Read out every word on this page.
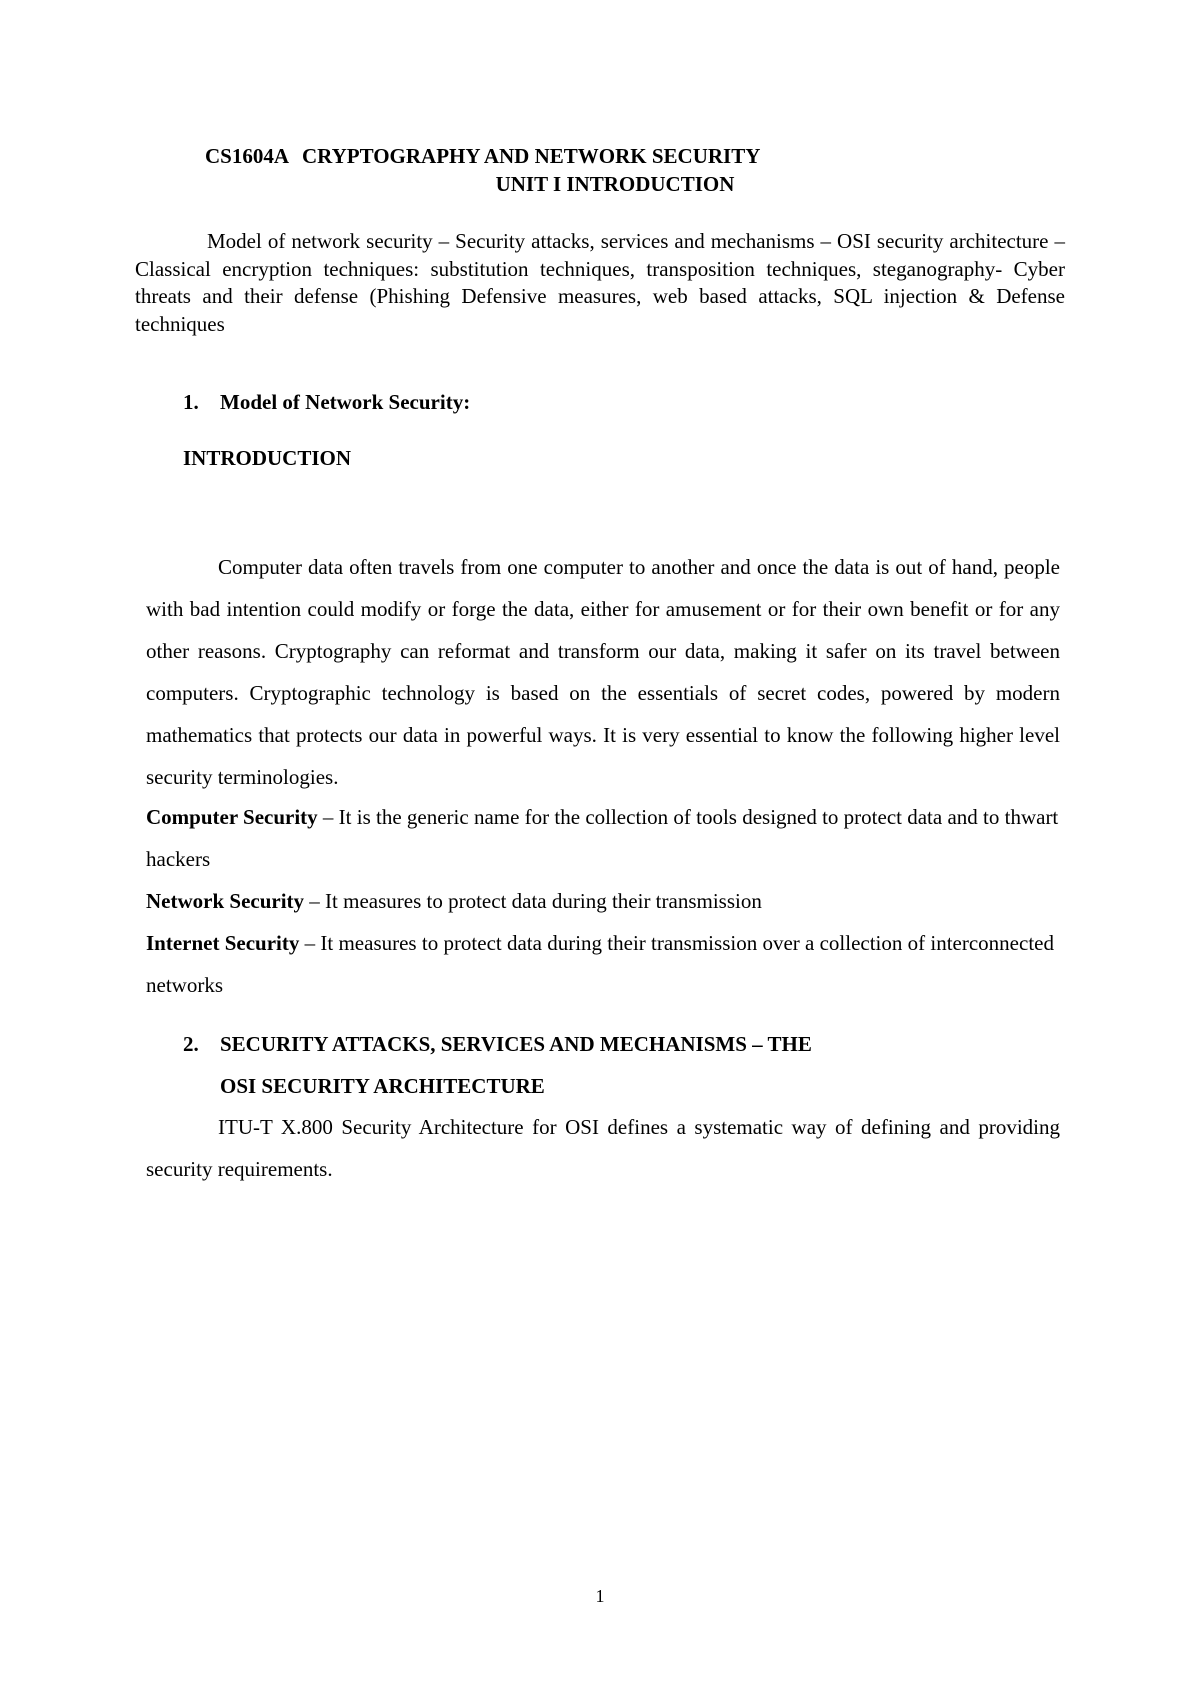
CS1604A CRYPTOGRAPHY AND NETWORK SECURITY
UNIT I INTRODUCTION
Model of network security – Security attacks, services and mechanisms – OSI security architecture – Classical encryption techniques: substitution techniques, transposition techniques, steganography- Cyber threats and their defense (Phishing Defensive measures, web based attacks, SQL injection & Defense techniques
1. Model of Network Security:
INTRODUCTION
Computer data often travels from one computer to another and once the data is out of hand, people with bad intention could modify or forge the data, either for amusement or for their own benefit or for any other reasons. Cryptography can reformat and transform our data, making it safer on its travel between computers. Cryptographic technology is based on the essentials of secret codes, powered by modern mathematics that protects our data in powerful ways. It is very essential to know the following higher level security terminologies.

Computer Security – It is the generic name for the collection of tools designed to protect data and to thwart hackers

Network Security – It measures to protect data during their transmission

Internet Security – It measures to protect data during their transmission over a collection of interconnected networks

2. SECURITY ATTACKS, SERVICES AND MECHANISMS – THE
OSI SECURITY ARCHITECTURE
ITU-T X.800 Security Architecture for OSI defines a systematic way of defining and providing security requirements.
1
